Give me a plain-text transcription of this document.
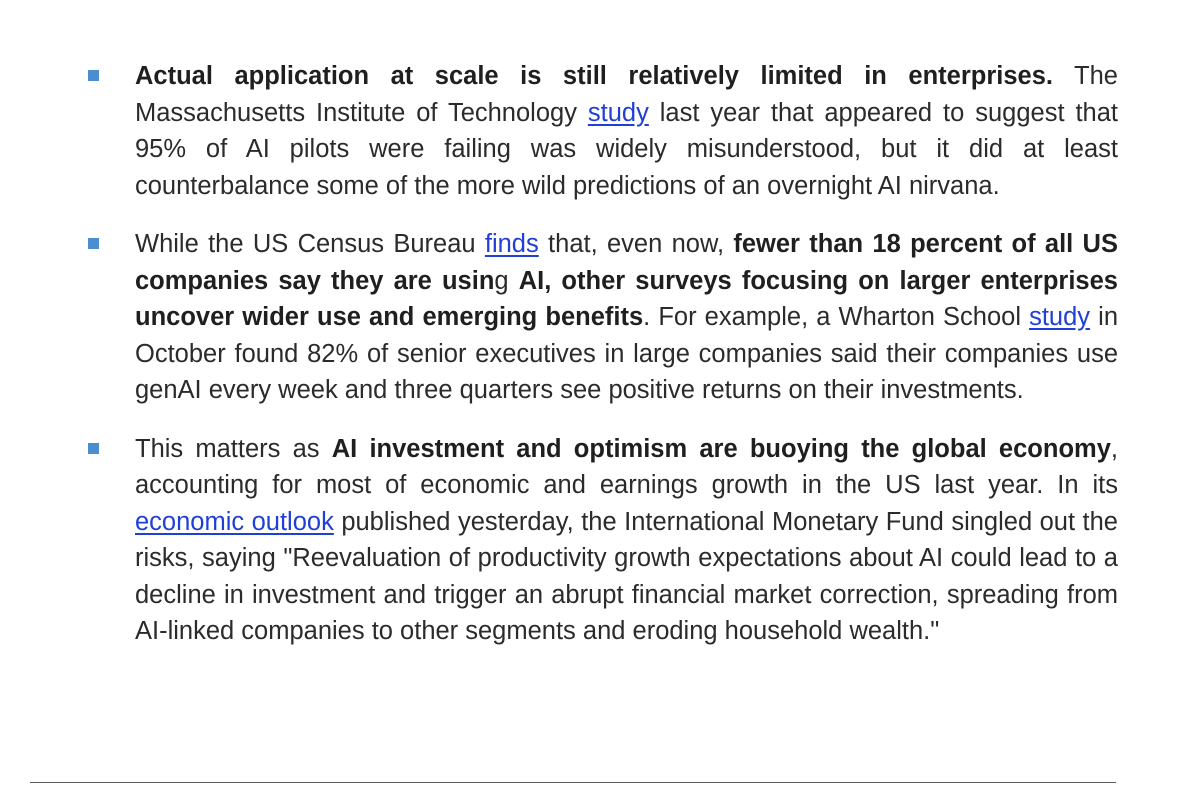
Actual application at scale is still relatively limited in enterprises. The Massachusetts Institute of Technology study last year that appeared to suggest that 95% of AI pilots were failing was widely misunderstood, but it did at least counterbalance some of the more wild predictions of an overnight AI nirvana.
While the US Census Bureau finds that, even now, fewer than 18 percent of all US companies say they are using AI, other surveys focusing on larger enterprises uncover wider use and emerging benefits. For example, a Wharton School study in October found 82% of senior executives in large companies said their companies use genAI every week and three quarters see positive returns on their investments.
This matters as AI investment and optimism are buoying the global economy, accounting for most of economic and earnings growth in the US last year. In its economic outlook published yesterday, the International Monetary Fund singled out the risks, saying "Reevaluation of productivity growth expectations about AI could lead to a decline in investment and trigger an abrupt financial market correction, spreading from AI-linked companies to other segments and eroding household wealth."
